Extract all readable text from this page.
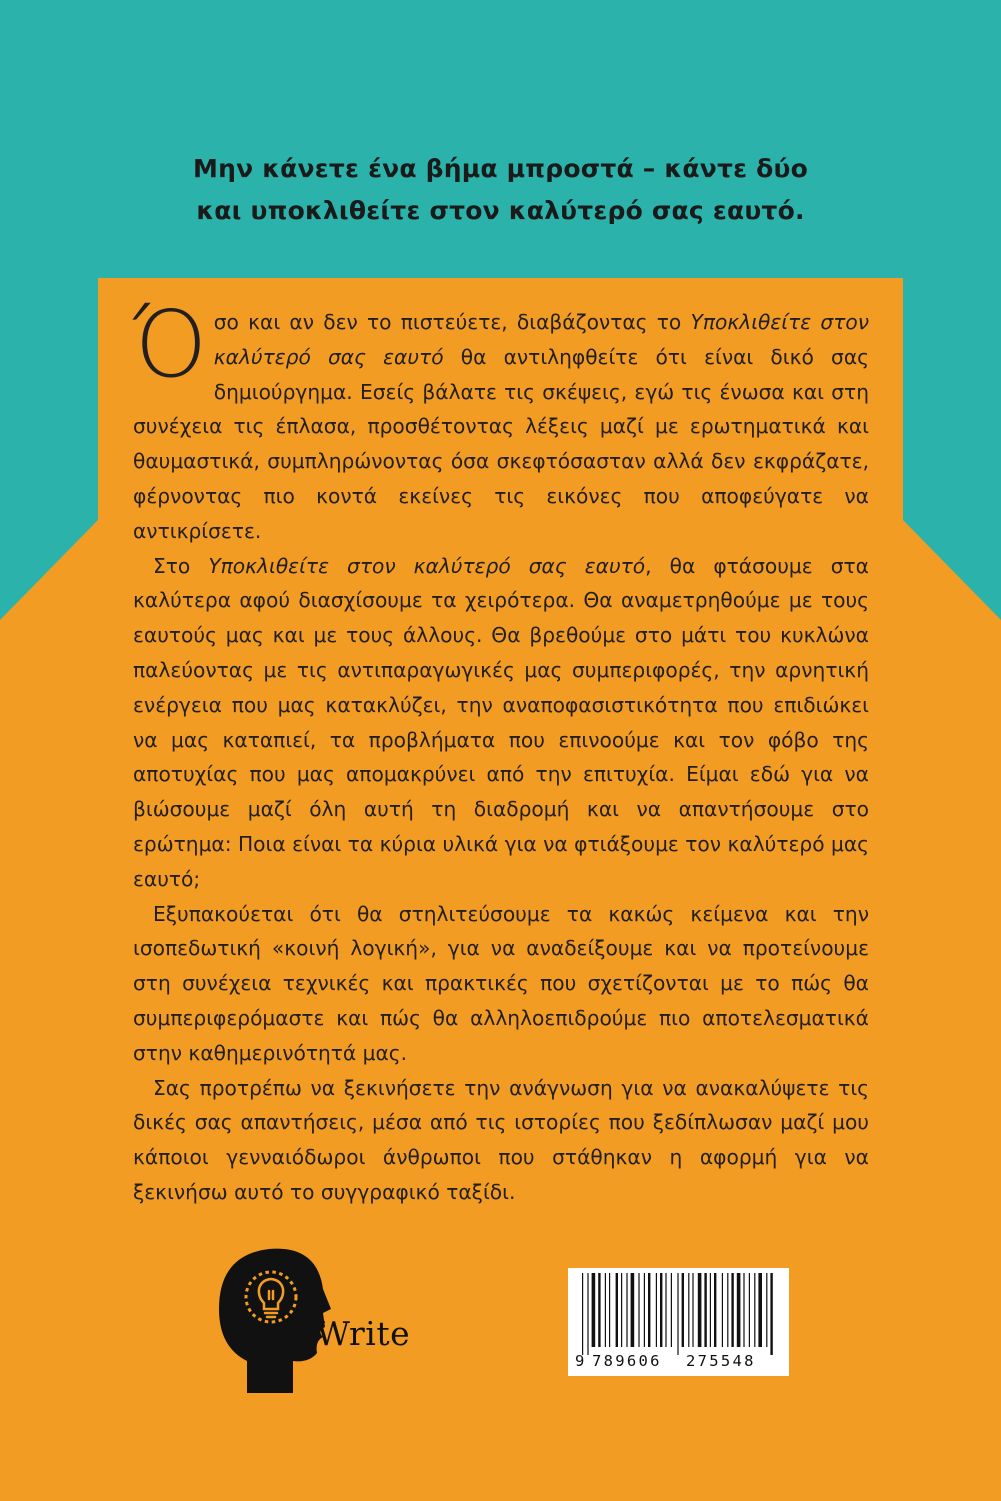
Μην κάνετε ένα βήμα μπροστά – κάντε δύο
και υποκλιθείτε στον καλύτερό σας εαυτό.

Όσο και αν δεν το πιστεύετε, διαβάζοντας το Υποκλιθείτε στον καλύτερό σας εαυτό θα αντιληφθείτε ότι είναι δικό σας δημιούργημα. Εσείς βάλατε τις σκέψεις, εγώ τις ένωσα και στη συνέχεια τις έπλασα, προσθέτοντας λέξεις μαζί με ερωτηματικά και θαυμαστικά, συμπληρώνοντας όσα σκεφτόσασταν αλλά δεν εκφράζατε, φέρνοντας πιο κοντά εκείνες τις εικόνες που αποφεύγατε να αντικρίσετε.

Στο Υποκλιθείτε στον καλύτερό σας εαυτό, θα φτάσουμε στα καλύτερα αφού διασχίσουμε τα χειρότερα. Θα αναμετρηθούμε με τους εαυτούς μας και με τους άλλους. Θα βρεθούμε στο μάτι του κυκλώνα παλεύοντας με τις αντιπαραγωγικές μας συμπεριφορές, την αρνητική ενέργεια που μας κατακλύζει, την αναποφασιστικότητα που επιδιώκει να μας καταπιεί, τα προβλήματα που επινοούμε και τον φόβο της αποτυχίας που μας απομακρύνει από την επιτυχία. Είμαι εδώ για να βιώσουμε μαζί όλη αυτή τη διαδρομή και να απαντήσουμε στο ερώτημα: Ποια είναι τα κύρια υλικά για να φτιάξουμε τον καλύτερό μας εαυτό;

Εξυπακούεται ότι θα στηλιτεύσουμε τα κακώς κείμενα και την ισοπεδωτική «κοινή λογική», για να αναδείξουμε και να προτείνουμε στη συνέχεια τεχνικές και πρακτικές που σχετίζονται με το πώς θα συμπεριφερόμαστε και πώς θα αλληλοεπιδρούμε πιο αποτελεσματικά στην καθημερινότητά μας.

Σας προτρέπω να ξεκινήσετε την ανάγνωση για να ανακαλύψετε τις δικές σας απαντήσεις, μέσα από τις ιστορίες που ξεδίπλωσαν μαζί μου κάποιοι γενναιόδωροι άνθρωποι που στάθηκαν η αφορμή για να ξεκινήσω αυτό το συγγραφικό ταξίδι.

iWrite
9 789606 275548
